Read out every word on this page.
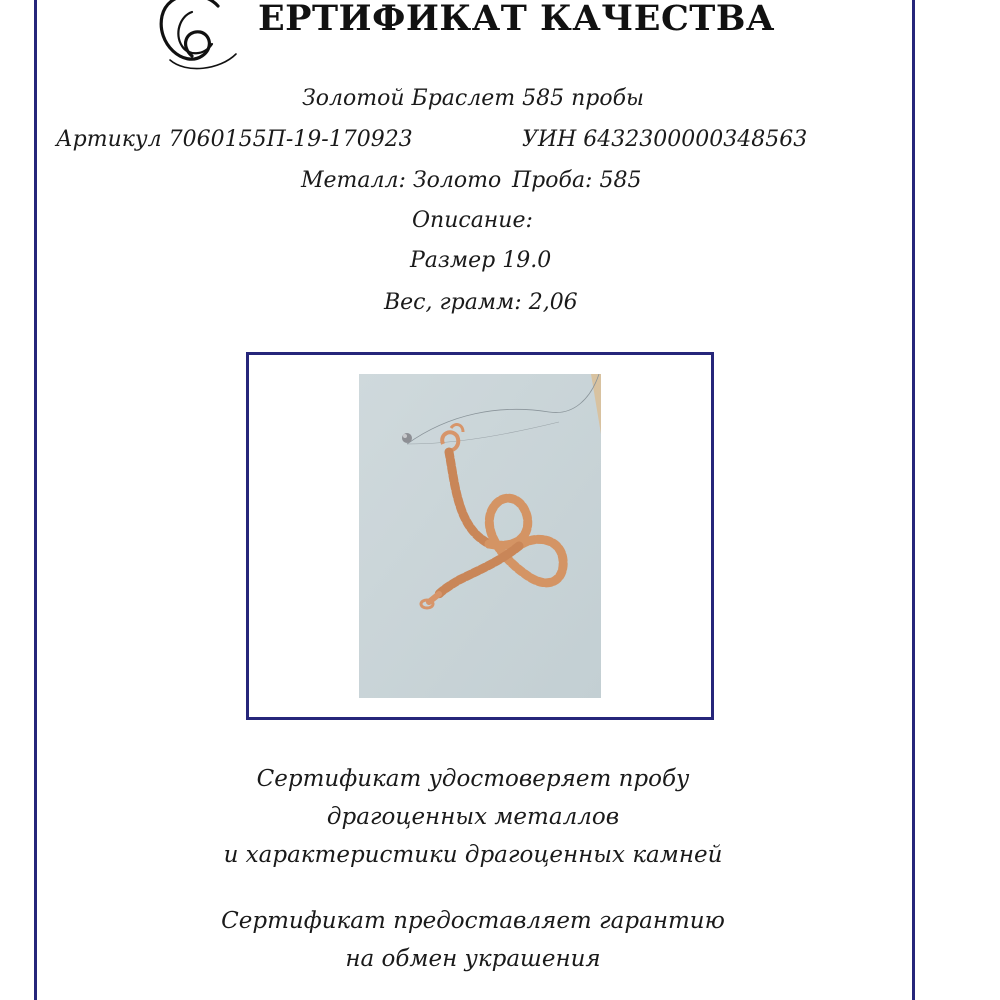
ЕРТИФИКАТ КАЧЕСТВА
Золотой Браслет 585 пробы
Артикул 7060155П-19-170923	УИН 6432300000348563
Металл: Золото Проба: 585
Описание:
Размер 19.0
Вес, грамм: 2,06
Сертификат удостоверяет пробу
драгоценных металлов
и характеристики драгоценных камней
Сертификат предоставляет гарантию
на обмен украшения
